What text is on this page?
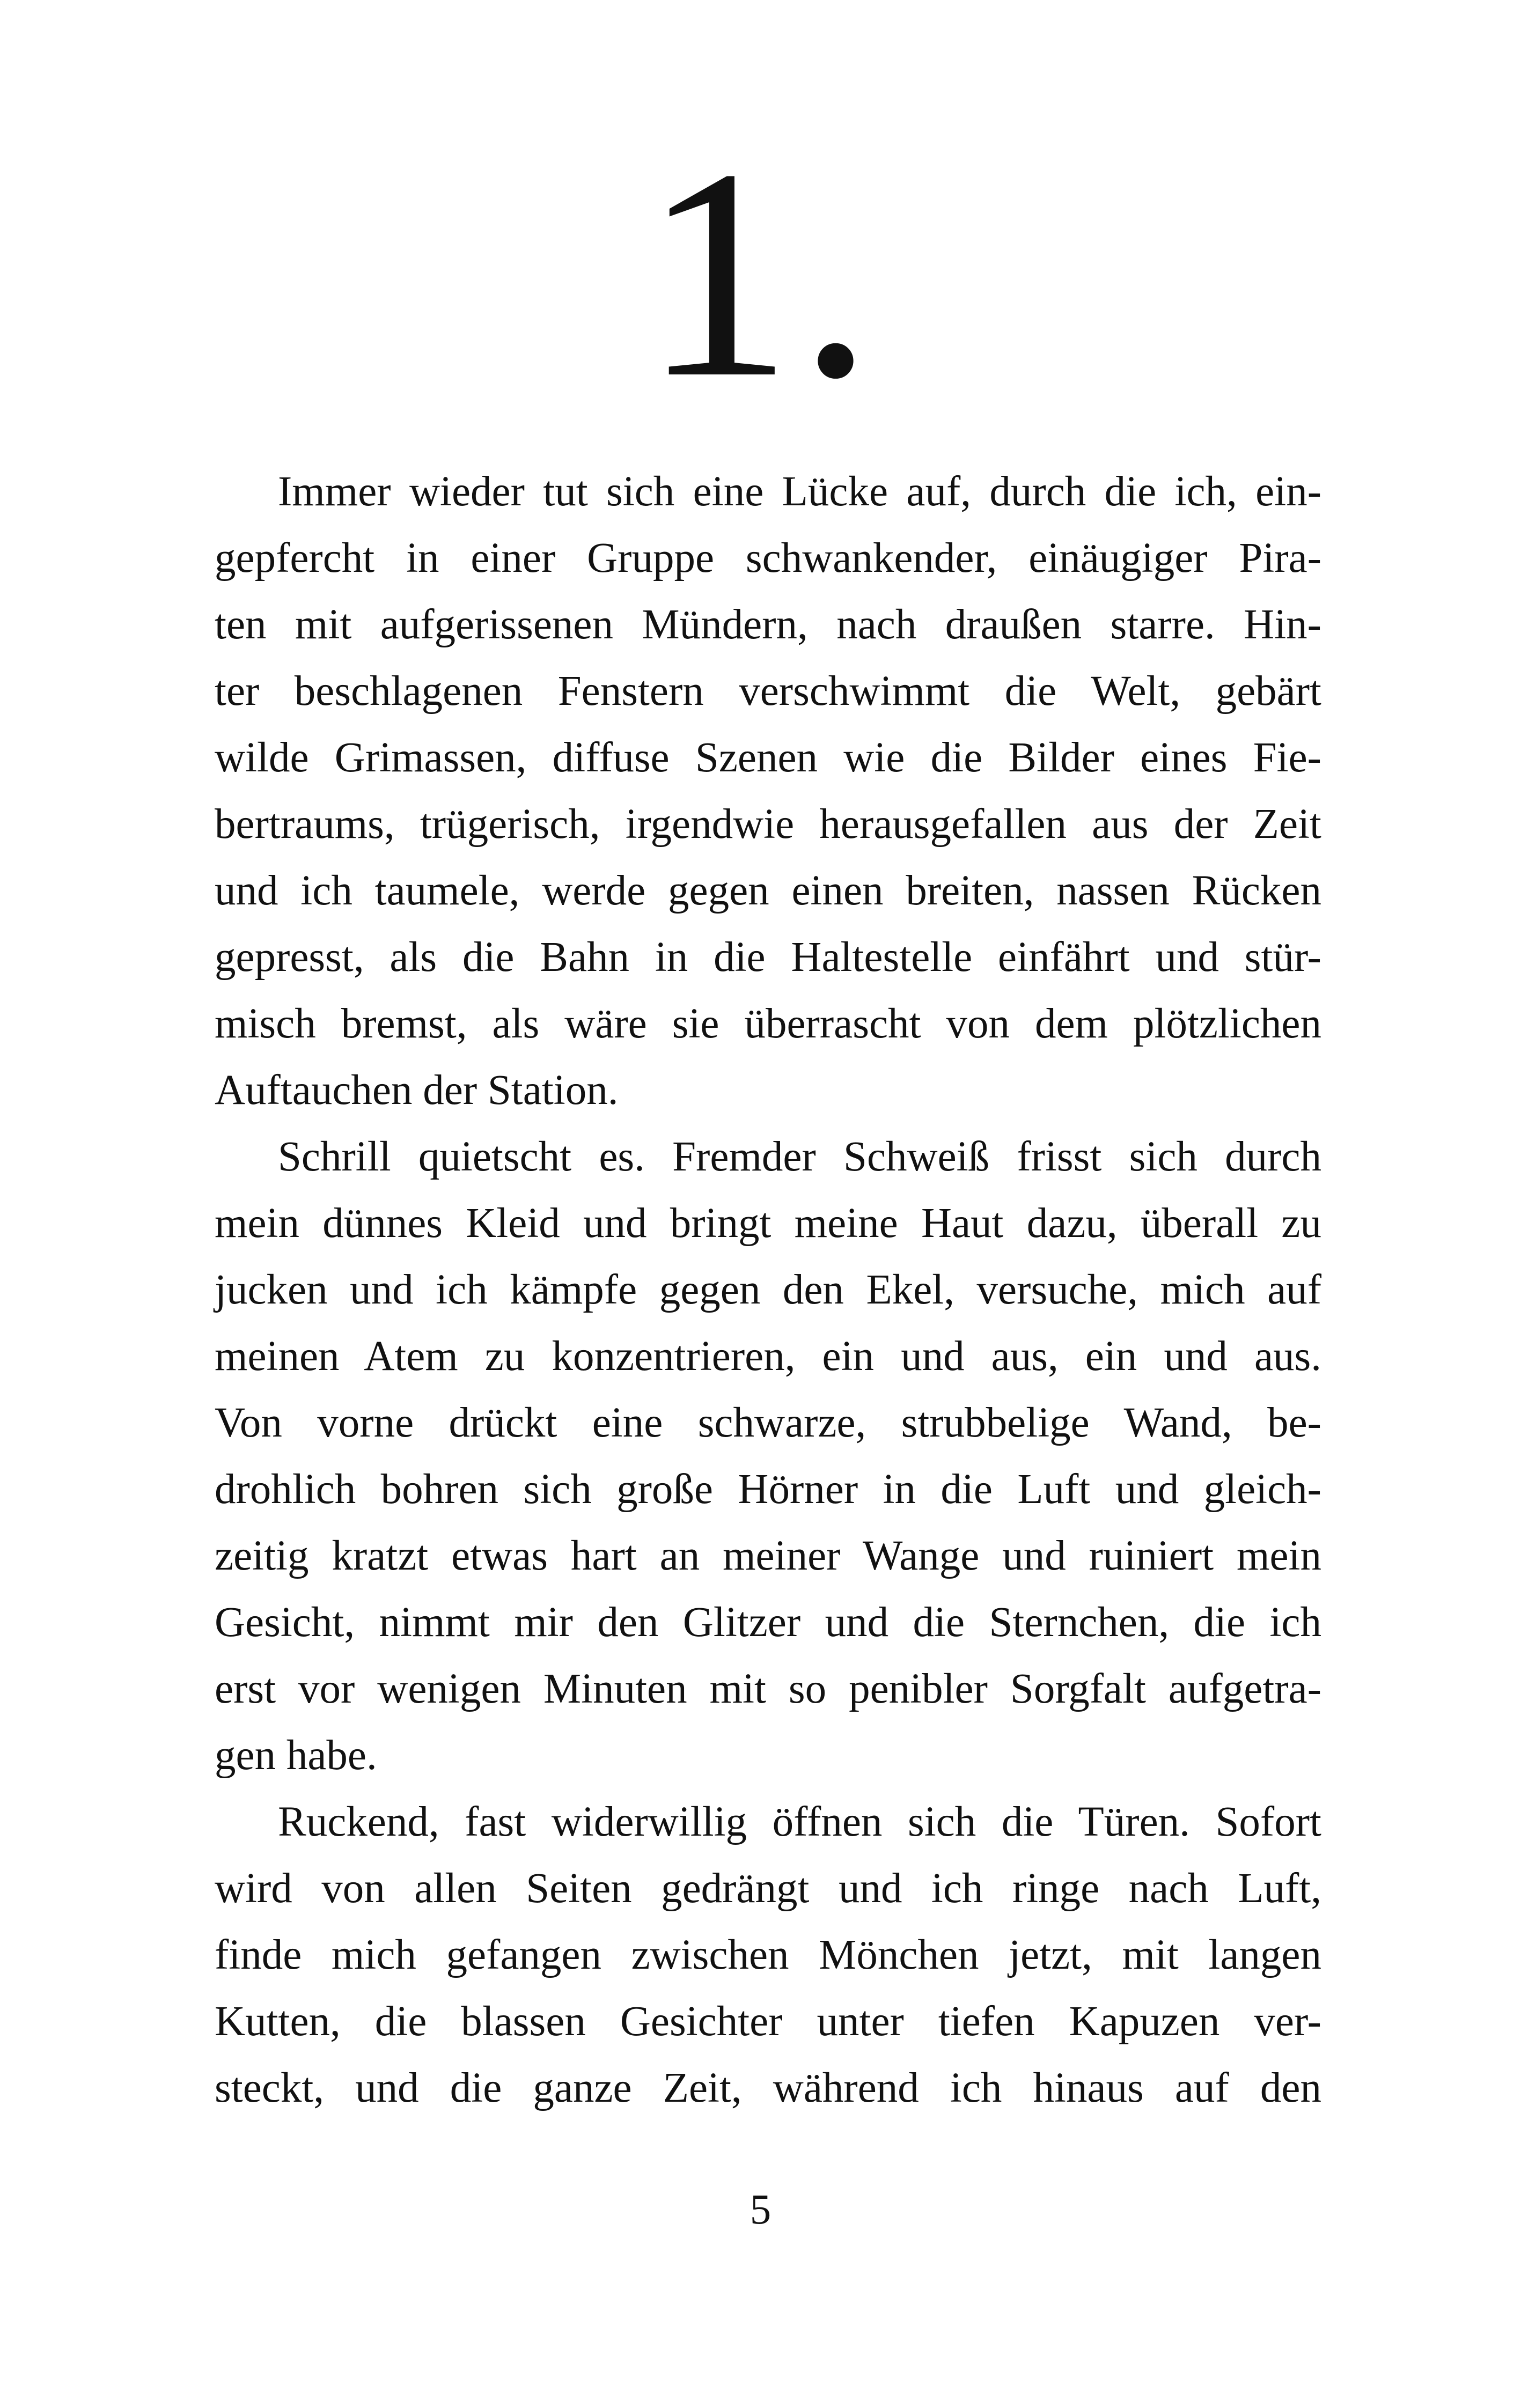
1.
Immer wieder tut sich eine Lücke auf, durch die ich, ein-
gepfercht in einer Gruppe schwankender, einäugiger Pira-
ten mit aufgerissenen Mündern, nach draußen starre. Hin-
ter beschlagenen Fenstern verschwimmt die Welt, gebärt
wilde Grimassen, diffuse Szenen wie die Bilder eines Fie-
bertraums, trügerisch, irgendwie herausgefallen aus der Zeit
und ich taumele, werde gegen einen breiten, nassen Rücken
gepresst, als die Bahn in die Haltestelle einfährt und stür-
misch bremst, als wäre sie überrascht von dem plötzlichen
Auftauchen der Station.
Schrill quietscht es. Fremder Schweiß frisst sich durch
mein dünnes Kleid und bringt meine Haut dazu, überall zu
jucken und ich kämpfe gegen den Ekel, versuche, mich auf
meinen Atem zu konzentrieren, ein und aus, ein und aus.
Von vorne drückt eine schwarze, strubbelige Wand, be-
drohlich bohren sich große Hörner in die Luft und gleich-
zeitig kratzt etwas hart an meiner Wange und ruiniert mein
Gesicht, nimmt mir den Glitzer und die Sternchen, die ich
erst vor wenigen Minuten mit so penibler Sorgfalt aufgetra-
gen habe.
Ruckend, fast widerwillig öffnen sich die Türen. Sofort
wird von allen Seiten gedrängt und ich ringe nach Luft,
finde mich gefangen zwischen Mönchen jetzt, mit langen
Kutten, die blassen Gesichter unter tiefen Kapuzen ver-
steckt, und die ganze Zeit, während ich hinaus auf den
5
